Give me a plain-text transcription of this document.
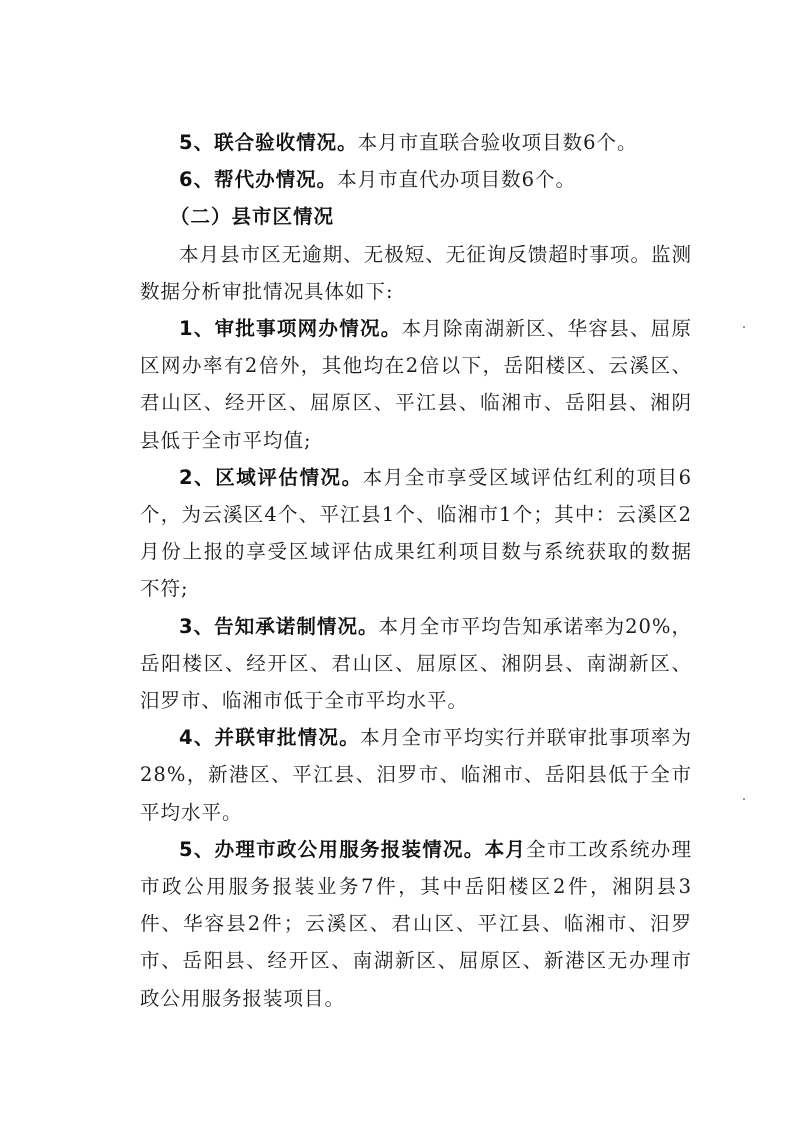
5、联合验收情况。本月市直联合验收项目数6个。

6、帮代办情况。本月市直代办项目数6个。

（二）县市区情况

本月县市区无逾期、无极短、无征询反馈超时事项。监测数据分析审批情况具体如下:

1、审批事项网办情况。本月除南湖新区、华容县、屈原区网办率有2倍外，其他均在2倍以下，岳阳楼区、云溪区、君山区、经开区、屈原区、平江县、临湘市、岳阳县、湘阴县低于全市平均值;

2、区域评估情况。本月全市享受区域评估红利的项目6个，为云溪区4个、平江县1个、临湘市1个；其中：云溪区2月份上报的享受区域评估成果红利项目数与系统获取的数据不符;

3、告知承诺制情况。本月全市平均告知承诺率为20%，岳阳楼区、经开区、君山区、屈原区、湘阴县、南湖新区、汨罗市、临湘市低于全市平均水平。

4、并联审批情况。本月全市平均实行并联审批事项率为28%，新港区、平江县、汨罗市、临湘市、岳阳县低于全市平均水平。

5、办理市政公用服务报装情况。本月全市工改系统办理市政公用服务报装业务7件，其中岳阳楼区2件，湘阴县3件、华容县2件；云溪区、君山区、平江县、临湘市、汨罗市、岳阳县、经开区、南湖新区、屈原区、新港区无办理市政公用服务报装项目。
